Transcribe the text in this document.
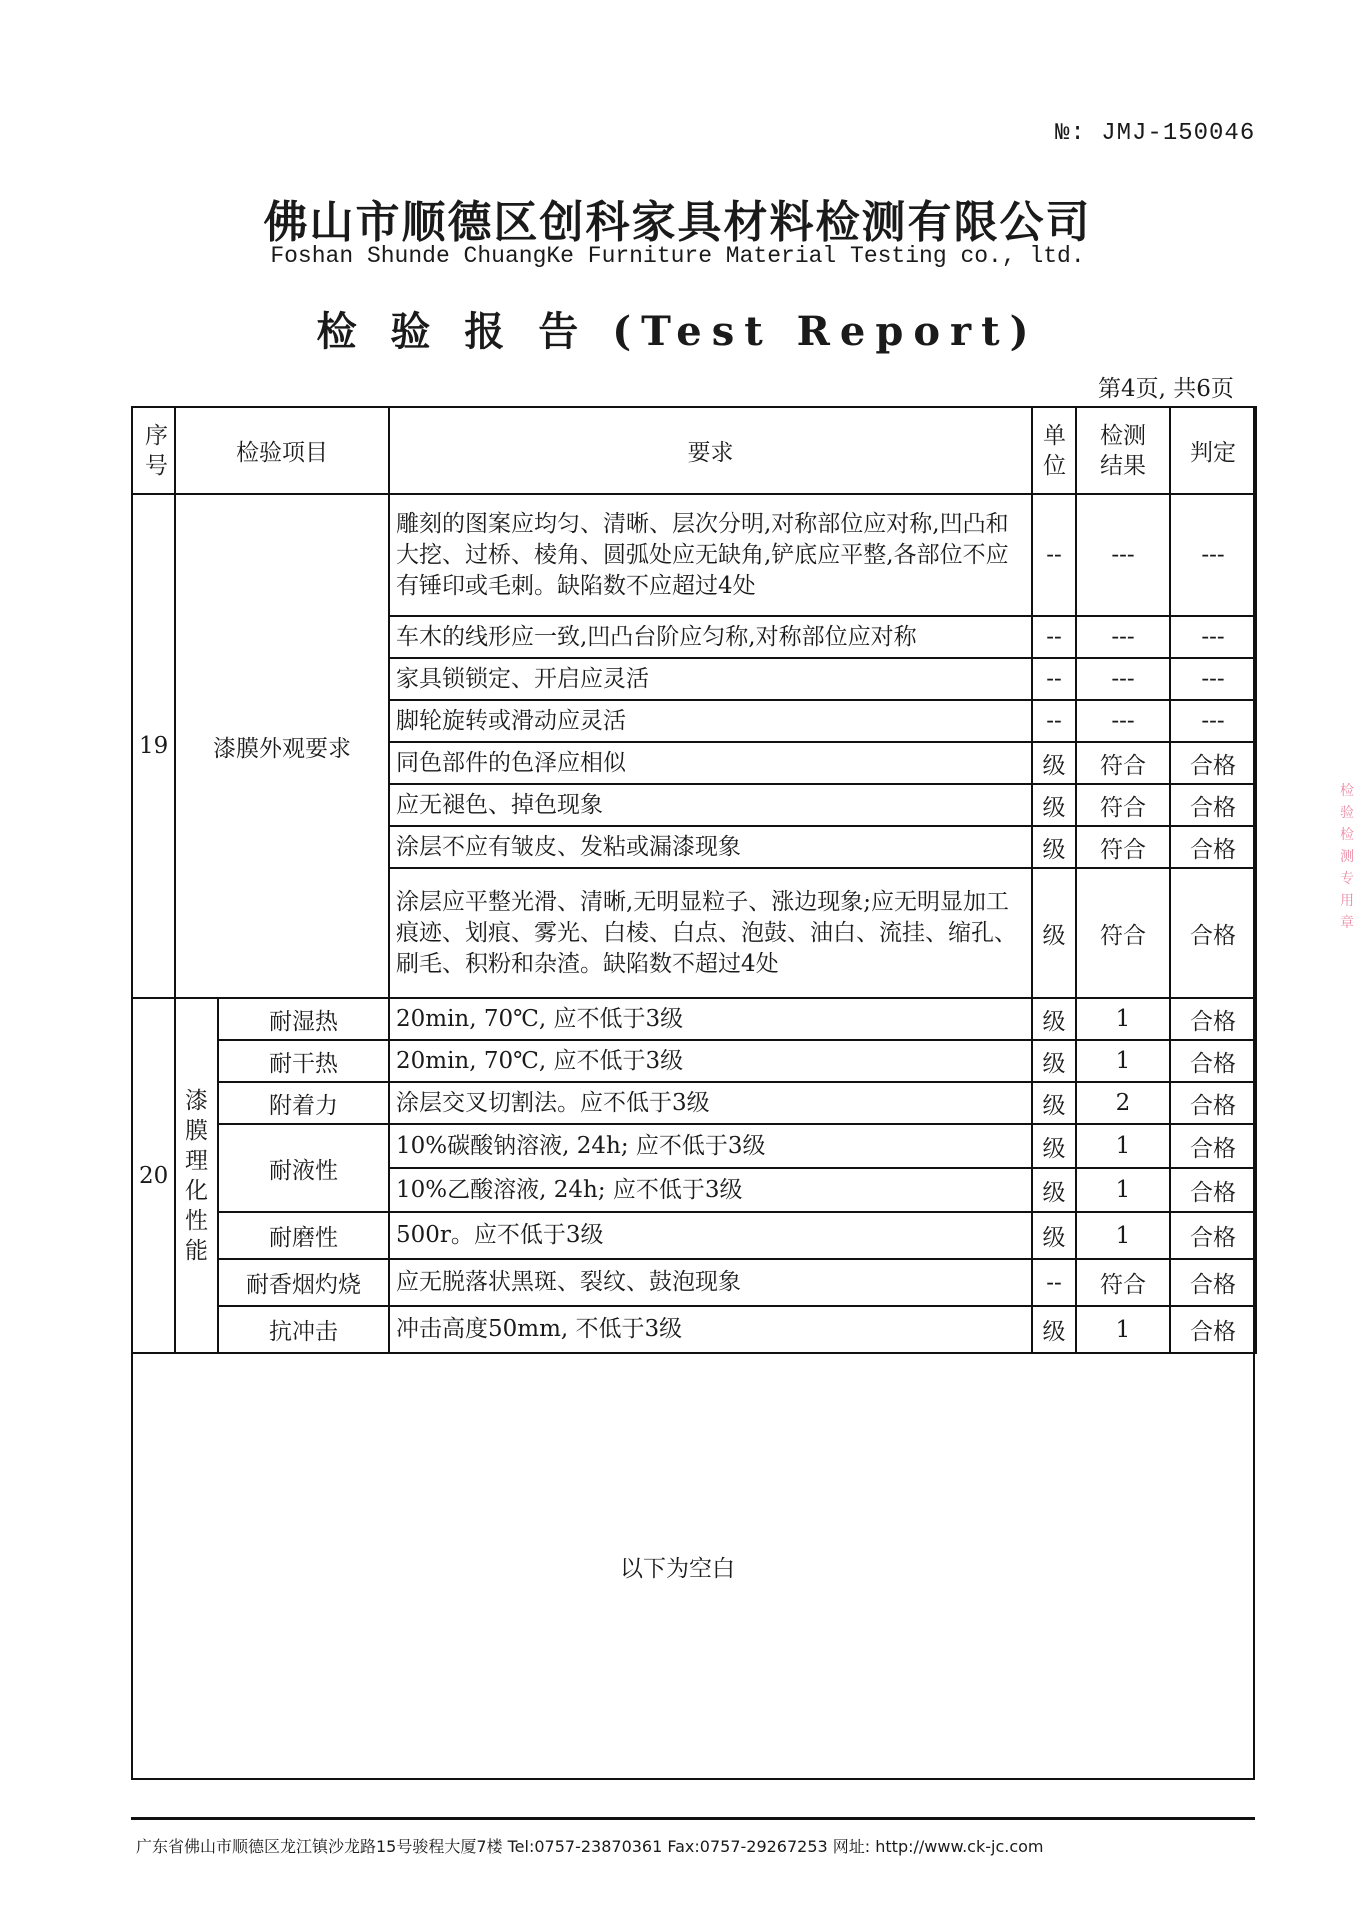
№: JMJ-150046
佛山市顺德区创科家具材料检测有限公司
Foshan Shunde ChuangKe Furniture Material Testing co., ltd.
检 验 报 告 (Test Report)
第4页, 共6页
序号	检验项目		要求	单位	检测结果	判定
19	漆膜外观要求		雕刻的图案应均匀、清晰、层次分明,对称部位应对称,凹凸和大挖、过桥、棱角、圆弧处应无缺角,铲底应平整,各部位不应有锤印或毛刺。缺陷数不应超过4处	--	---	---
			车木的线形应一致,凹凸台阶应匀称,对称部位应对称	--	---	---
			家具锁锁定、开启应灵活	--	---	---
			脚轮旋转或滑动应灵活	--	---	---
			同色部件的色泽应相似	级	符合	合格
			应无褪色、掉色现象	级	符合	合格
			涂层不应有皱皮、发粘或漏漆现象	级	符合	合格
			涂层应平整光滑、清晰,无明显粒子、涨边现象;应无明显加工痕迹、划痕、雾光、白棱、白点、泡鼓、油白、流挂、缩孔、刷毛、积粉和杂渣。缺陷数不超过4处	级	符合	合格
20	漆膜理化性能	耐湿热	20min, 70℃, 应不低于3级	级	1	合格
		耐干热	20min, 70℃, 应不低于3级	级	1	合格
		附着力	涂层交叉切割法。应不低于3级	级	2	合格
		耐液性	10%碳酸钠溶液, 24h; 应不低于3级	级	1	合格
			10%乙酸溶液, 24h; 应不低于3级	级	1	合格
		耐磨性	500r。应不低于3级	级	1	合格
		耐香烟灼烧	应无脱落状黑斑、裂纹、鼓泡现象	--	符合	合格
		抗冲击	冲击高度50mm, 不低于3级	级	1	合格
以下为空白
广东省佛山市顺德区龙江镇沙龙路15号骏程大厦7楼 Tel:0757-23870361 Fax:0757-29267253 网址: http://www.ck-jc.com
检验检测专用章
